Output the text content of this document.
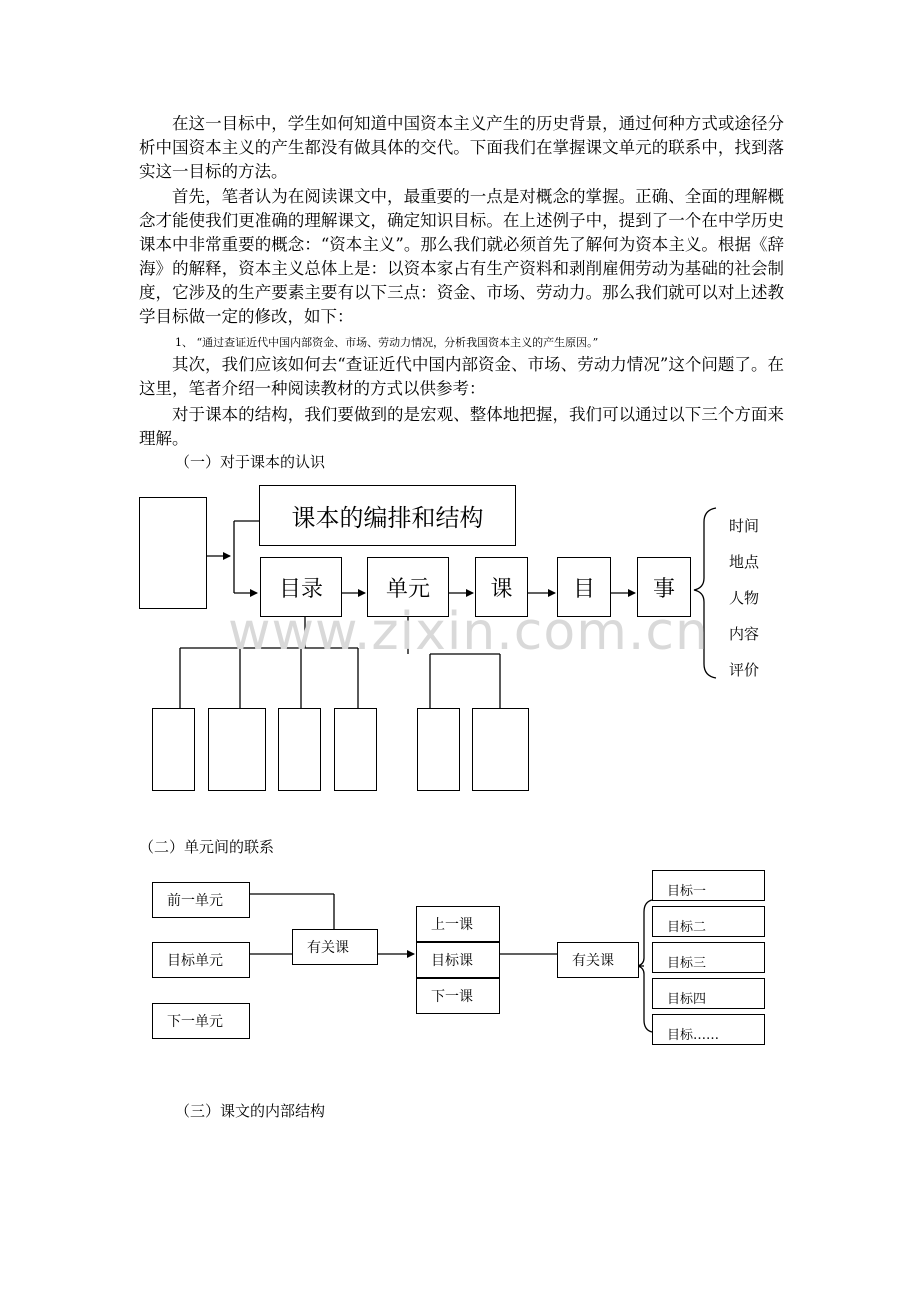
在这一目标中，学生如何知道中国资本主义产生的历史背景，通过何种方式或途径分析中国资本主义的产生都没有做具体的交代。下面我们在掌握课文单元的联系中，找到落实这一目标的方法。

首先，笔者认为在阅读课文中，最重要的一点是对概念的掌握。正确、全面的理解概念才能使我们更准确的理解课文，确定知识目标。在上述例子中，提到了一个在中学历史课本中非常重要的概念：“资本主义”。那么我们就必须首先了解何为资本主义。根据《辞海》的解释，资本主义总体上是：以资本家占有生产资料和剥削雇佣劳动为基础的社会制度，它涉及的生产要素主要有以下三点：资金、市场、劳动力。那么我们就可以对上述教学目标做一定的修改，如下：

1、 “通过查证近代中国内部资金、市场、劳动力情况，分析我国资本主义的产生原因。”

其次，我们应该如何去“查证近代中国内部资金、市场、劳动力情况”这个问题了。在这里，笔者介绍一种阅读教材的方式以供参考：

对于课本的结构，我们要做到的是宏观、整体地把握，我们可以通过以下三个方面来理解。

（一）对于课本的认识

课本的编排和结构
目录	单元	课	目	事
时间
地点
人物
内容
评价
www.zixin.com.cn

（二）单元间的联系

前一单元
目标单元
下一单元
有关课
上一课
目标课
下一课
有关课
目标一
目标二
目标三
目标四
目标……

（三）课文的内部结构
